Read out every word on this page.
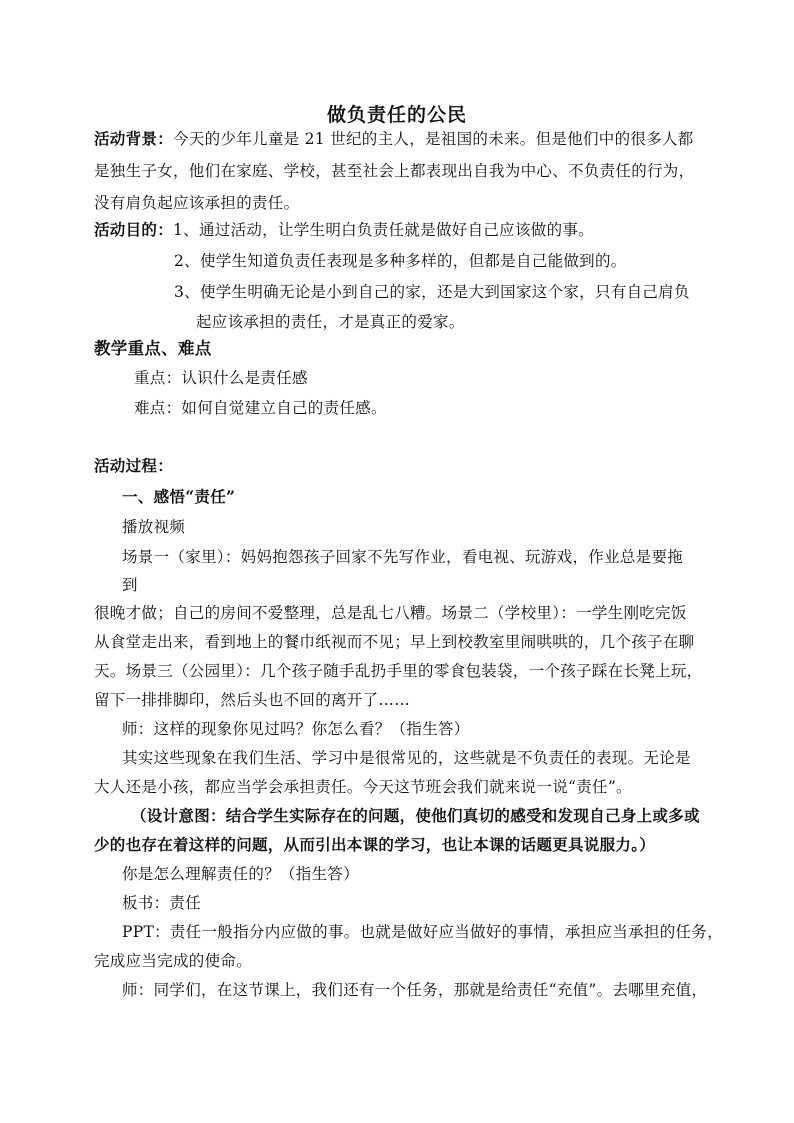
做负责任的公民
活动背景：今天的少年儿童是 21 世纪的主人，是祖国的未来。但是他们中的很多人都
是独生子女，他们在家庭、学校，甚至社会上都表现出自我为中心、不负责任的行为，
没有肩负起应该承担的责任。
活动目的：1、通过活动，让学生明白负责任就是做好自己应该做的事。
2、使学生知道负责任表现是多种多样的，但都是自己能做到的。
3、使学生明确无论是小到自己的家，还是大到国家这个家，只有自己肩负
起应该承担的责任，才是真正的爱家。
教学重点、难点
重点：认识什么是责任感
难点：如何自觉建立自己的责任感。
活动过程：
一、感悟“责任”
播放视频
场景一（家里）：妈妈抱怨孩子回家不先写作业，看电视、玩游戏，作业总是要拖
到
很晚才做；自己的房间不爱整理，总是乱七八糟。场景二（学校里）：一学生刚吃完饭
从食堂走出来，看到地上的餐巾纸视而不见；早上到校教室里闹哄哄的，几个孩子在聊
天。场景三（公园里）：几个孩子随手乱扔手里的零食包装袋，一个孩子踩在长凳上玩，
留下一排排脚印，然后头也不回的离开了……
师：这样的现象你见过吗？你怎么看？（指生答）
其实这些现象在我们生活、学习中是很常见的，这些就是不负责任的表现。无论是
大人还是小孩，都应当学会承担责任。今天这节班会我们就来说一说“责任”。
（设计意图：结合学生实际存在的问题，使他们真切的感受和发现自己身上或多或
少的也存在着这样的问题，从而引出本课的学习，也让本课的话题更具说服力。）
你是怎么理解责任的？（指生答）
板书：责任
PPT：责任一般指分内应做的事。也就是做好应当做好的事情，承担应当承担的任务，
完成应当完成的使命。
师：同学们，在这节课上，我们还有一个任务，那就是给责任“充值”。去哪里充值，
